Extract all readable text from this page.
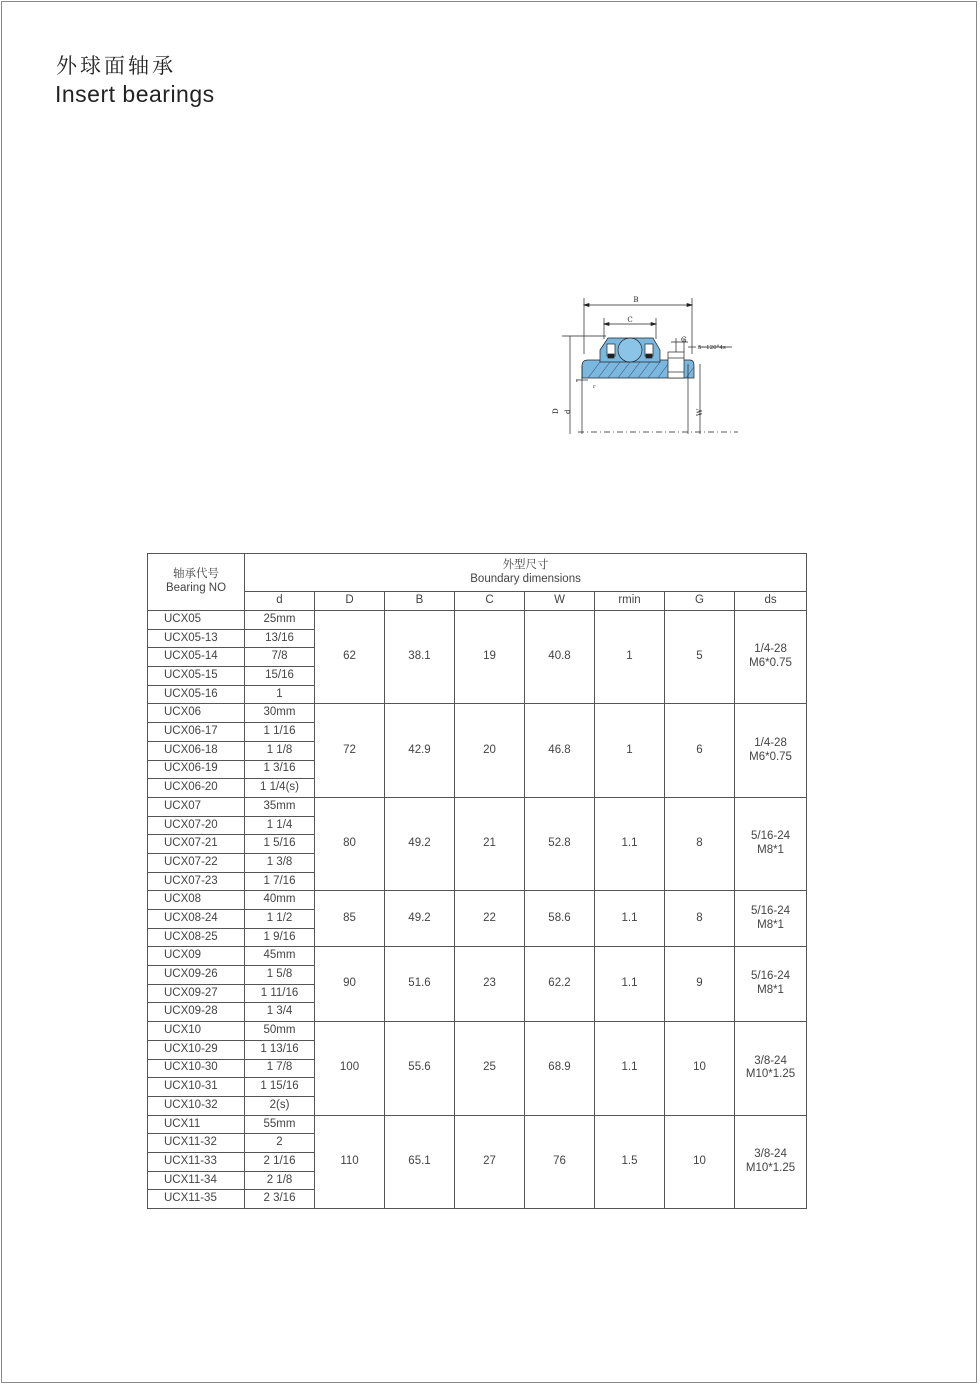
外球面轴承
Insert bearings
B
C
G
5~120°4s
r
r
D d	W
轴承代号
Bearing NO	外型尺寸
Boundary dimensions							

	d	D	B	C	W	rmin	G	ds
UCX05	25mm	62	38.1	19	40.8	1	5	1/4-28
M6*0.75

UCX05-13	13/16							
UCX05-14	7/8							
UCX05-15	15/16							
UCX05-16	1							
UCX06	30mm	72	42.9	20	46.8	1	6	1/4-28
M6*0.75

UCX06-17	1 1/16							
UCX06-18	1 1/8							
UCX06-19	1 3/16							
UCX06-20	1 1/4(s)							
UCX07	35mm	80	49.2	21	52.8	1.1	8	5/16-24
M8*1

UCX07-20	1 1/4							
UCX07-21	1 5/16							
UCX07-22	1 3/8							
UCX07-23	1 7/16							
UCX08	40mm	85	49.2	22	58.6	1.1	8	5/16-24
M8*1

UCX08-24	1 1/2							
UCX08-25	1 9/16							
UCX09	45mm	90	51.6	23	62.2	1.1	9	5/16-24
M8*1

UCX09-26	1 5/8							
UCX09-27	1 11/16							
UCX09-28	1 3/4							
UCX10	50mm	100	55.6	25	68.9	1.1	10	3/8-24
M10*1.25

UCX10-29	1 13/16							
UCX10-30	1 7/8							
UCX10-31	1 15/16							
UCX10-32	2(s)							
UCX11	55mm	110	65.1	27	76	1.5	10	3/8-24
M10*1.25

UCX11-32	2							
UCX11-33	2 1/16							
UCX11-34	2 1/8							
UCX11-35	2 3/16							
